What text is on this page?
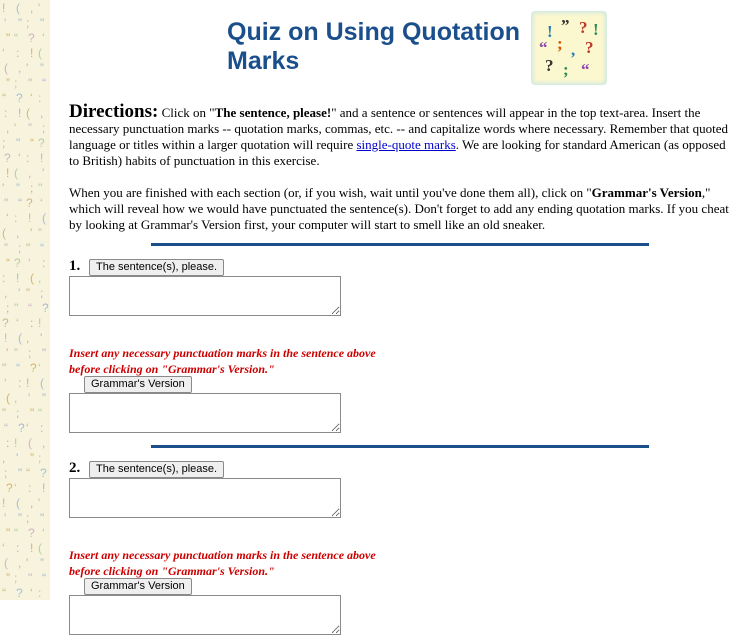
! ( , '
' ” ; "
" “ ? ‘
‘ : ! (
( , ' ”
” ; " “
“ ? ‘ :
: ! ( ,
, ' ” ;
; " “ ?
? ‘ : !
! ( , '
' ” ; "
" “ ? ‘
‘ : ! (
( , ' ”
” ; " “
“ ? ‘ :
: ! ( ,
, ' ” ;
; " “ ?
? ‘ : !
! ( , '
' ” ; "
" “ ? ‘
‘ : ! (
( , ' ”
” ; " “
“ ? ‘ :
: ! ( ,
, ' ” ;
; " “ ?
? ‘ : !
! ( , '
' ” ; "
" “ ? ‘
‘ : ! (
( , ' ”
” ; " “
“ ? ‘ :
Quiz on Using Quotation
Marks
! ” ? !
“ ; , ?
? ; “
Directions: Click on "The sentence, please!" and a sentence or sentences will appear in the top text-area. Insert the necessary punctuation marks -- quotation marks, commas, etc. -- and capitalize words where necessary. Remember that quoted language or titles within a larger quotation will require single-quote marks. We are looking for standard American (as opposed to British) habits of punctuation in this exercise.
When you are finished with each section (or, if you wish, wait until you've done them all), click on "Grammar's Version," which will reveal how we would have punctuated the sentence(s). Don't forget to add any ending quotation marks. If you cheat by looking at Grammar's Version first, your computer will start to smell like an old sneaker.
1.	The sentence(s), please.
Insert any necessary punctuation marks in the sentence above
before clicking on "Grammar's Version."
Grammar's Version
2.	The sentence(s), please.
Insert any necessary punctuation marks in the sentence above
before clicking on "Grammar's Version."
Grammar's Version
